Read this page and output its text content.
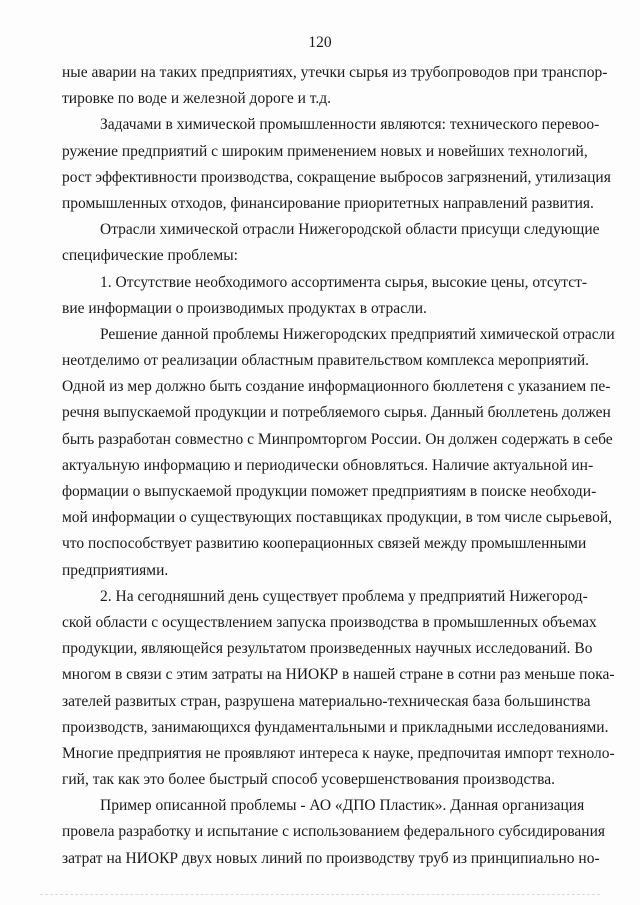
120
ные аварии на таких предприятиях, утечки сырья из трубопроводов при транспор-
тировке по воде и железной дороге и т.д.
Задачами в химической промышленности являются: технического перевоо-
ружение предприятий с широким применением новых и новейших технологий,
рост эффективности производства, сокращение выбросов загрязнений, утилизация
промышленных отходов, финансирование приоритетных направлений развития.
Отрасли химической отрасли Нижегородской области присущи следующие
специфические проблемы:
1. Отсутствие необходимого ассортимента сырья, высокие цены, отсутст-
вие информации о производимых продуктах в отрасли.
Решение данной проблемы Нижегородских предприятий химической отрасли
неотделимо от реализации областным правительством комплекса мероприятий.
Одной из мер должно быть создание информационного бюллетеня с указанием пе-
речня выпускаемой продукции и потребляемого сырья. Данный бюллетень должен
быть разработан совместно с Минпромторгом России. Он должен содержать в себе
актуальную информацию и периодически обновляться. Наличие актуальной ин-
формации о выпускаемой продукции поможет предприятиям в поиске необходи-
мой информации о существующих поставщиках продукции, в том числе сырьевой,
что поспособствует развитию кооперационных связей между промышленными
предприятиями.
2. На сегодняшний день существует проблема у предприятий Нижегород-
ской области с осуществлением запуска производства в промышленных объемах
продукции, являющейся результатом произведенных научных исследований. Во
многом в связи с этим затраты на НИОКР в нашей стране в сотни раз меньше пока-
зателей развитых стран, разрушена материально-техническая база большинства
производств, занимающихся фундаментальными и прикладными исследованиями.
Многие предприятия не проявляют интереса к науке, предпочитая импорт техноло-
гий, так как это более быстрый способ усовершенствования производства.
Пример описанной проблемы - АО «ДПО Пластик». Данная организация
провела разработку и испытание с использованием федерального субсидирования
затрат на НИОКР двух новых линий по производству труб из принципиально но-
